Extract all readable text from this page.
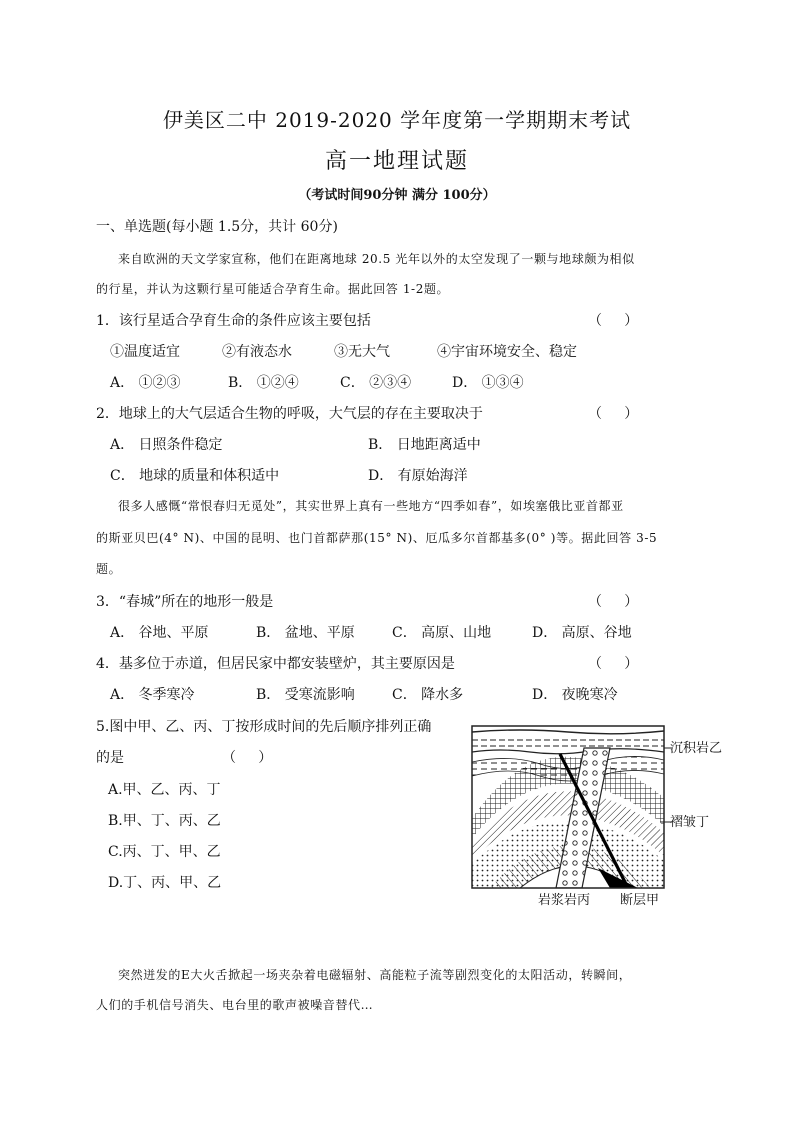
伊美区二中 2019-2020 学年度第一学期期末考试
高一地理试题
（考试时间90分钟 满分 100分）
一、单选题(每小题 1.5分，共计 60分)
来自欧洲的天文学家宣称，他们在距离地球 20.5 光年以外的太空发现了一颗与地球颇为相似
的行星，并认为这颗行星可能适合孕育生命。据此回答 1-2题。
1．该行星适合孕育生命的条件应该主要包括	（     ）
①温度适宜	②有液态水	③无大气	④宇宙环境安全、稳定
A． ①②③	B． ①②④	C． ②③④	D． ①③④
2．地球上的大气层适合生物的呼吸，大气层的存在主要取决于	（     ）
A． 日照条件稳定	B． 日地距离适中
C． 地球的质量和体积适中	D． 有原始海洋
很多人感慨“常恨春归无觅处”，其实世界上真有一些地方“四季如春”，如埃塞俄比亚首都亚
的斯亚贝巴(4° N)、中国的昆明、也门首都萨那(15° N)、厄瓜多尔首都基多(0° )等。据此回答 3-5
题。
3．“春城”所在的地形一般是	（     ）
A． 谷地、平原	B． 盆地、平原	C． 高原、山地	D． 高原、谷地
4．基多位于赤道，但居民家中都安装壁炉，其主要原因是	（     ）
A． 冬季寒冷	B． 受寒流影响	C． 降水多	D． 夜晚寒冷
5.图中甲、乙、丙、丁按形成时间的先后顺序排列正确
的是	（     ）
A.甲、乙、丙、丁
B.甲、丁、丙、乙
C.丙、丁、甲、乙
D.丁、丙、甲、乙
沉积岩乙
褶皱丁
岩浆岩丙 断层甲
突然迸发的E大火舌掀起一场夹杂着电磁辐射、高能粒子流等剧烈变化的太阳活动，转瞬间，
人们的手机信号消失、电台里的歌声被噪音替代…
